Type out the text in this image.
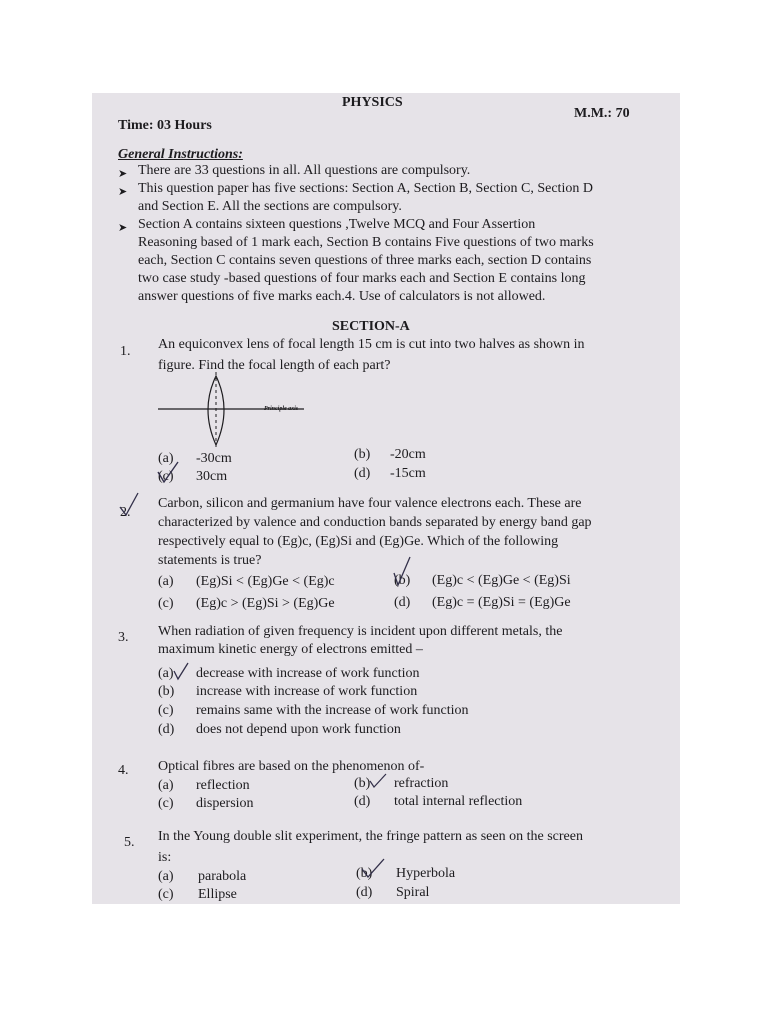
PHYSICS
Time: 03 Hours
M.M.: 70
General Instructions:
➤ There are 33 questions in all. All questions are compulsory.
➤ This question paper has five sections: Section A, Section B, Section C, Section D
and Section E. All the sections are compulsory.
➤ Section A contains sixteen questions ,Twelve MCQ and Four Assertion
Reasoning based of 1 mark each, Section B contains Five questions of two marks
each, Section C contains seven questions of three marks each, section D contains
two case study -based questions of four marks each and Section E contains long
answer questions of five marks each.4. Use of calculators is not allowed.
SECTION-A
1. An equiconvex lens of focal length 15 cm is cut into two halves as shown in
figure. Find the focal length of each part?
Principle axis
(a) -30cm
(c) 30cm
(b) -20cm
(d) -15cm
2.
Carbon, silicon and germanium have four valence electrons each. These are
characterized by valence and conduction bands separated by energy band gap
respectively equal to (Eg)c, (Eg)Si and (Eg)Ge. Which of the following
statements is true?
(a) (Eg)Si < (Eg)Ge < (Eg)c
(c) (Eg)c > (Eg)Si > (Eg)Ge
(b) (Eg)c < (Eg)Ge < (Eg)Si
(d) (Eg)c = (Eg)Si = (Eg)Ge
3. When radiation of given frequency is incident upon different metals, the
maximum kinetic energy of electrons emitted –
(a) decrease with increase of work function
(b) increase with increase of work function
(c) remains same with the increase of work function
(d) does not depend upon work function
4. Optical fibres are based on the phenomenon of-
(a) reflection
(c) dispersion
(b) refraction
(d) total internal reflection
5. In the Young double slit experiment, the fringe pattern as seen on the screen
is:
(a) parabola
(c) Ellipse
(b) Hyperbola
(d) Spiral
